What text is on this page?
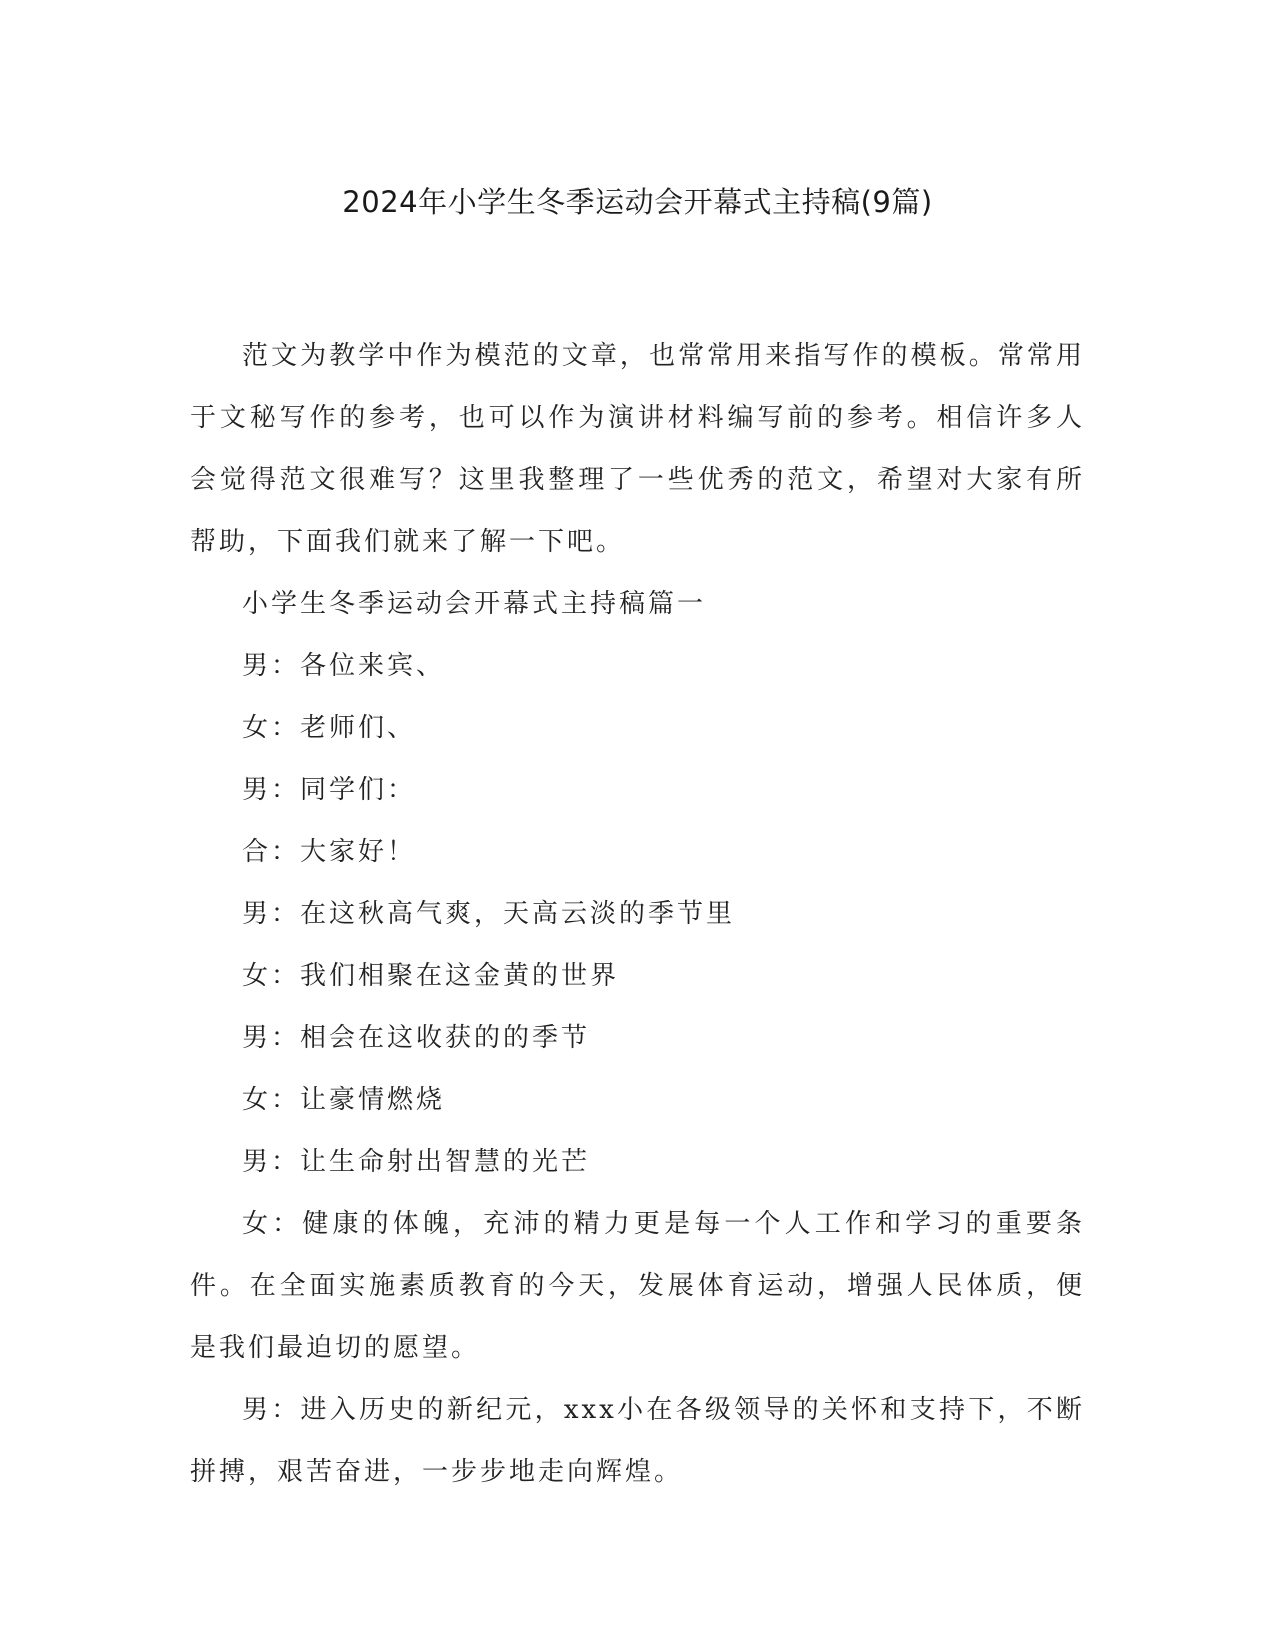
2024年小学生冬季运动会开幕式主持稿(9篇)

范文为教学中作为模范的文章，也常常用来指写作的模板。常常用于文秘写作的参考，也可以作为演讲材料编写前的参考。相信许多人会觉得范文很难写？这里我整理了一些优秀的范文，希望对大家有所帮助，下面我们就来了解一下吧。

小学生冬季运动会开幕式主持稿篇一

男：各位来宾、

女：老师们、

男：同学们：

合：大家好！

男：在这秋高气爽，天高云淡的季节里

女：我们相聚在这金黄的世界

男：相会在这收获的的季节

女：让豪情燃烧

男：让生命射出智慧的光芒

女：健康的体魄，充沛的精力更是每一个人工作和学习的重要条件。在全面实施素质教育的今天，发展体育运动，增强人民体质，便是我们最迫切的愿望。

男：进入历史的新纪元，xxx小在各级领导的关怀和支持下，不断拼搏，艰苦奋进，一步步地走向辉煌。
